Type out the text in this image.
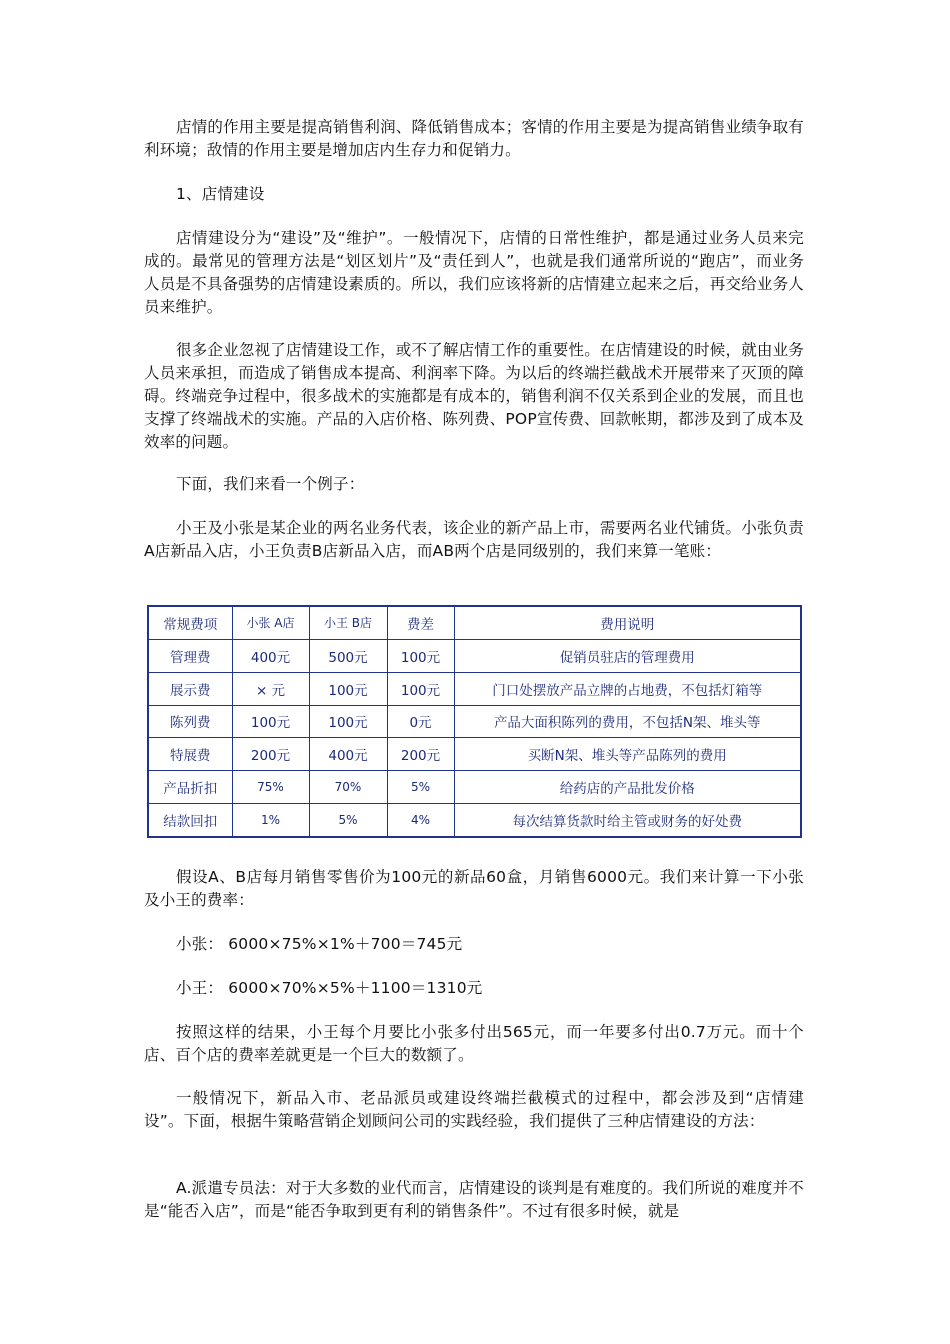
店情的作用主要是提高销售利润、降低销售成本；客情的作用主要是为提高销售业绩争取有利环境；敌情的作用主要是增加店内生存力和促销力。

1、店情建设

店情建设分为“建设”及“维护”。一般情况下，店情的日常性维护，都是通过业务人员来完成的。最常见的管理方法是“划区划片”及“责任到人”，也就是我们通常所说的“跑店”，而业务人员是不具备强势的店情建设素质的。所以，我们应该将新的店情建立起来之后，再交给业务人员来维护。

很多企业忽视了店情建设工作，或不了解店情工作的重要性。在店情建设的时候，就由业务人员来承担，而造成了销售成本提高、利润率下降。为以后的终端拦截战术开展带来了灭顶的障碍。终端竞争过程中，很多战术的实施都是有成本的，销售利润不仅关系到企业的发展，而且也支撑了终端战术的实施。产品的入店价格、陈列费、POP宣传费、回款帐期，都涉及到了成本及效率的问题。

下面，我们来看一个例子：

小王及小张是某企业的两名业务代表，该企业的新产品上市，需要两名业代铺货。小张负责A店新品入店，小王负责B店新品入店，而AB两个店是同级别的，我们来算一笔账：

常规费项	小张 A店	小王 B店	费差	费用说明
管理费	400元	500元	100元	促销员驻店的管理费用
展示费	× 元	100元	100元	门口处摆放产品立牌的占地费，不包括灯箱等
陈列费	100元	100元	0元	产品大面积陈列的费用，不包括N架、堆头等
特展费	200元	400元	200元	买断N架、堆头等产品陈列的费用
产品折扣	75%	70%	5%	给药店的产品批发价格
结款回扣	1%	5%	4%	每次结算货款时给主管或财务的好处费

假设A、B店每月销售零售价为100元的新品60盒，月销售6000元。我们来计算一下小张及小王的费率：

小张： 6000×75%×1%＋700＝745元

小王： 6000×70%×5%＋1100＝1310元

按照这样的结果，小王每个月要比小张多付出565元，而一年要多付出0.7万元。而十个店、百个店的费率差就更是一个巨大的数额了。

一般情况下，新品入市、老品派员或建设终端拦截模式的过程中，都会涉及到“店情建设”。下面，根据牛策略营销企划顾问公司的实践经验，我们提供了三种店情建设的方法：

A.派遣专员法：对于大多数的业代而言，店情建设的谈判是有难度的。我们所说的难度并不是“能否入店”，而是“能否争取到更有利的销售条件”。不过有很多时候，就是
